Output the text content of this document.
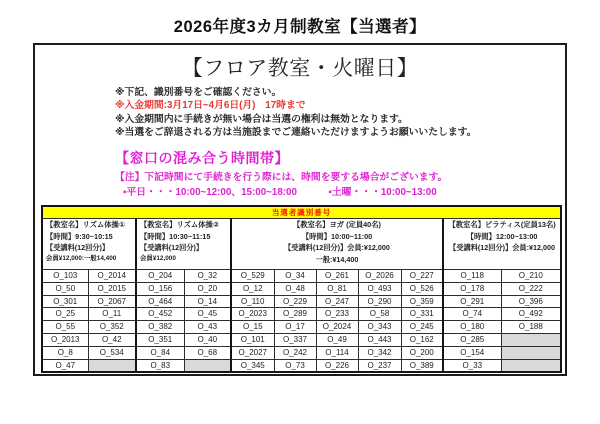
2026年度3カ月制教室【当選者】
【フロア教室・火曜日】
※下記、識別番号をご確認ください。
※入金期間:3月17日~4月6日(月)　17時まで
※入金期間内に手続きが無い場合は当選の権利は無効となります。
※当選をご辞退される方は当施設までご連絡いただけますようお願いいたします。
【窓口の混み合う時間帯】
【注】下記時間にて手続きを行う際には、時間を要する場合がございます。
▪平日・・・10:00~12:00、15:00~18:00	▪土曜・・・10:00~13:00
当選者識別番号										

【教室名】リズム体操①
【時間】9:30~10:15
【受講料(12回分)】
会員¥12,000:一般14,400

【教室名】リズム体操②
【時間】10:30~11:15
【受講料(12回分)】
会員¥12,000

【教室名】ヨガ (定員40名)
【時間】10:00~11:00
【受講料(12回分)】会員:¥12,000
一般:¥14,400

【教室名】ピラティス(定員13名)
【時間】12:00~13:00
【受講料(12回分)】会員:¥12,000

O_103	O_2014	O_204	O_32	O_529	O_34	O_261	O_2026	O_227	O_118	O_210
O_50	O_2015	O_156	O_20	O_12	O_48	O_81	O_493	O_526	O_178	O_222
O_301	O_2067	O_464	O_14	O_110	O_229	O_247	O_290	O_359	O_291	O_396
O_25	O_11	O_452	O_45	O_2023	O_289	O_233	O_58	O_331	O_74	O_492
O_55	O_352	O_382	O_43	O_15	O_17	O_2024	O_343	O_245	O_180	O_188
O_2013	O_42	O_351	O_40	O_101	O_337	O_49	O_443	O_162	O_285	
O_8	O_534	O_84	O_68	O_2027	O_242	O_114	O_342	O_200	O_154	
O_47		O_83		O_345	O_73	O_226	O_237	O_389	O_33	
